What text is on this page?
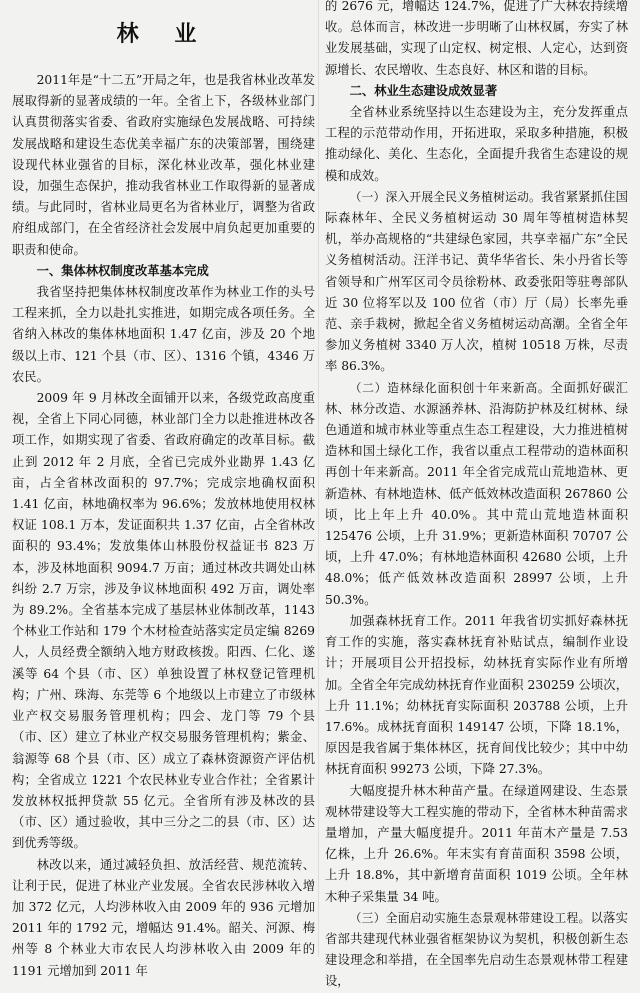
林 业

2011年是“十二五”开局之年，也是我省林业改革发展取得新的显著成绩的一年。全省上下，各级林业部门认真贯彻落实省委、省政府实施绿色发展战略、可持续发展战略和建设生态优美幸福广东的决策部署，围绕建设现代林业强省的目标，深化林业改革，强化林业建设，加强生态保护，推动我省林业工作取得新的显著成绩。与此同时，省林业局更名为省林业厅，调整为省政府组成部门，在全省经济社会发展中肩负起更加重要的职责和使命。

一、集体林权制度改革基本完成

我省坚持把集体林权制度改革作为林业工作的头号工程来抓，全力以赴扎实推进，如期完成各项任务。全省纳入林改的集体林地面积 1.47 亿亩，涉及 20 个地级以上市、121 个县（市、区）、1316 个镇，4346 万农民。

2009 年 9 月林改全面铺开以来，各级党政高度重视，全省上下同心同德，林业部门全力以赴推进林改各项工作，如期实现了省委、省政府确定的改革目标。截止到 2012 年 2 月底，全省已完成外业勘界 1.43 亿亩，占全省林改面积的 97.7%；完成宗地确权面积 1.41 亿亩，林地确权率为 96.6%；发放林地使用权林权证 108.1 万本，发证面积共 1.37 亿亩，占全省林改面积的 93.4%；发放集体山林股份权益证书 823 万本，涉及林地面积 9094.7 万亩；通过林改共调处山林纠纷 2.7 万宗，涉及争议林地面积 492 万亩，调处率为 89.2%。全省基本完成了基层林业体制改革，1143 个林业工作站和 179 个木材检查站落实定员定编 8269 人，人员经费全额纳入地方财政核拨。阳西、仁化、遂溪等 64 个县（市、区）单独设置了林权登记管理机构；广州、珠海、东莞等 6 个地级以上市建立了市级林业产权交易服务管理机构；四会、龙门等 79 个县（市、区）建立了林业产权交易服务管理机构；紫金、翁源等 68 个县（市、区）成立了森林资源资产评估机构；全省成立 1221 个农民林业专业合作社；全省累计发放林权抵押贷款 55 亿元。全省所有涉及林改的县（市、区）通过验收，其中三分之二的县（市、区）达到优秀等级。

林改以来，通过减轻负担、放活经营、规范流转、让利于民，促进了林业产业发展。全省农民涉林收入增加 372 亿元，人均涉林收入由 2009 年的 936 元增加 2011 年的 1792 元，增幅达 91.4%。韶关、河源、梅州等 8 个林业大市农民人均涉林收入由 2009 年的 1191 元增加到 2011 年

的 2676 元，增幅达 124.7%，促进了广大林农持续增收。总体而言，林改进一步明晰了山林权属，夯实了林业发展基础，实现了山定权、树定根、人定心，达到资源增长、农民增收、生态良好、林区和谐的目标。

二、林业生态建设成效显著

全省林业系统坚持以生态建设为主，充分发挥重点工程的示范带动作用，开拓进取，采取多种措施，积极推动绿化、美化、生态化，全面提升我省生态建设的规模和成效。

（一）深入开展全民义务植树运动。我省紧紧抓住国际森林年、全民义务植树运动 30 周年等植树造林契机，举办高规格的“共建绿色家园，共享幸福广东”全民义务植树活动。汪洋书记、黄华华省长、朱小丹省长等省领导和广州军区司令员徐粉林、政委张阳等驻粤部队近 30 位将军以及 100 位省（市）厅（局）长率先垂范、亲手栽树，掀起全省义务植树运动高潮。全省全年参加义务植树 3340 万人次，植树 10518 万株，尽责率 86.3%。

（二）造林绿化面积创十年来新高。全面抓好碳汇林、林分改造、水源涵养林、沿海防护林及红树林、绿色通道和城市林业等重点生态工程建设，大力推进植树造林和国土绿化工作，我省以重点工程带动的造林面积再创十年来新高。2011 年全省完成荒山荒地造林、更新造林、有林地造林、低产低效林改造面积 267860 公顷，比上年上升 40.0%。其中荒山荒地造林面积 125476 公顷，上升 31.9%；更新造林面积 70707 公顷，上升 47.0%；有林地造林面积 42680 公顷，上升 48.0%；低产低效林改造面积 28997 公顷，上升 50.3%。

加强森林抚育工作。2011 年我省切实抓好森林抚育工作的实施，落实森林抚育补贴试点，编制作业设计；开展项目公开招投标，幼林抚育实际作业有所增加。全省全年完成幼林抚育作业面积 230259 公顷次，上升 11.1%；幼林抚育实际面积 203788 公顷，上升 17.6%。成林抚育面积 149147 公顷，下降 18.1%，原因是我省属于集体林区，抚育间伐比较少；其中中幼林抚育面积 99273 公顷，下降 27.3%。

大幅度提升林木种苗产量。在绿道网建设、生态景观林带建设等大工程实施的带动下，全省林木种苗需求量增加，产量大幅度提升。2011 年苗木产量是 7.53 亿株，上升 26.6%。年末实有育苗面积 3598 公顷，上升 18.8%，其中新增育苗面积 1019 公顷。全年林木种子采集量 34 吨。

（三）全面启动实施生态景观林带建设工程。以落实省部共建现代林业强省框架协议为契机，积极创新生态建设理念和举措，在全国率先启动生态景观林带工程建设，
